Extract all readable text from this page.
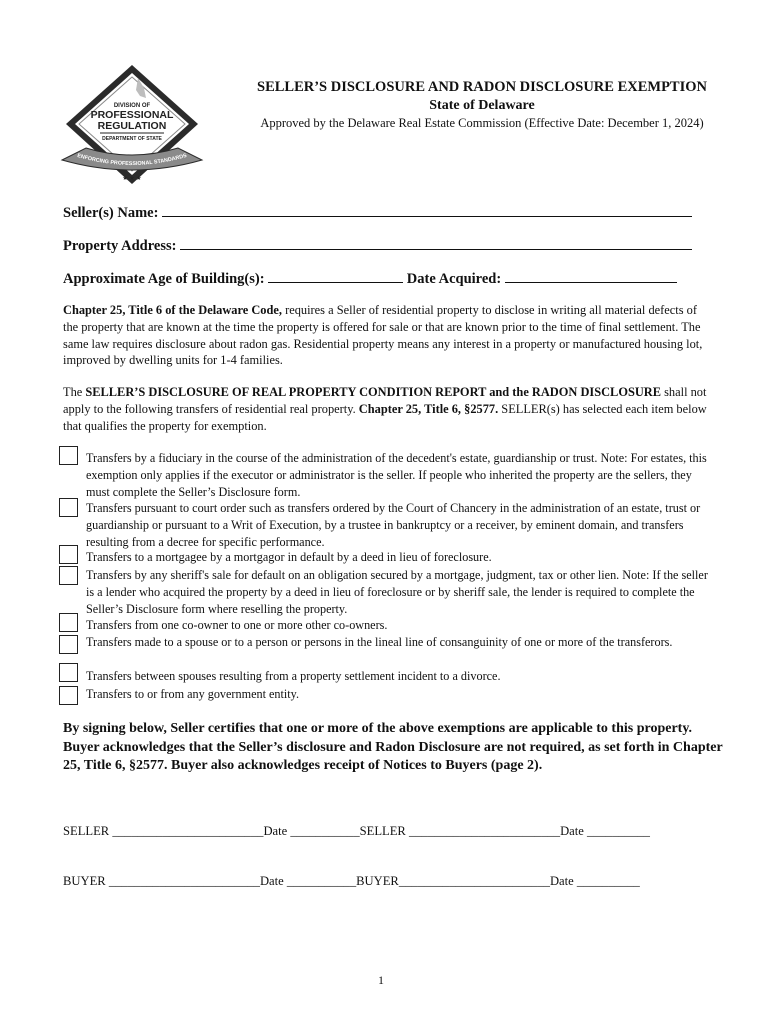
DIVISION OF
PROFESSIONAL
REGULATION
DEPARTMENT OF STATE
ENFORCING PROFESSIONAL STANDARDS
★ ★ ★
SELLER’S DISCLOSURE AND RADON DISCLOSURE EXEMPTION
State of Delaware
Approved by the Delaware Real Estate Commission (Effective Date: December 1, 2024)
Seller(s) Name:
Property Address:
Approximate Age of Building(s):	Date Acquired:
Chapter 25, Title 6 of the Delaware Code, requires a Seller of residential property to disclose in writing all material defects of the property that are known at the time the property is offered for sale or that are known prior to the time of final settlement. The same law requires disclosure about radon gas. Residential property means any interest in a property or manufactured housing lot, improved by dwelling units for 1-4 families.
The SELLER’S DISCLOSURE OF REAL PROPERTY CONDITION REPORT and the RADON DISCLOSURE shall not apply to the following transfers of residential real property. Chapter 25, Title 6, §2577. SELLER(s) has selected each item below that qualifies the property for exemption.
Transfers by a fiduciary in the course of the administration of the decedent's estate, guardianship or trust. Note: For estates, this exemption only applies if the executor or administrator is the seller. If people who inherited the property are the sellers, they must complete the Seller’s Disclosure form.
Transfers pursuant to court order such as transfers ordered by the Court of Chancery in the administration of an estate, trust or guardianship or pursuant to a Writ of Execution, by a trustee in bankruptcy or a receiver, by eminent domain, and transfers resulting from a decree for specific performance.
Transfers to a mortgagee by a mortgagor in default by a deed in lieu of foreclosure.
Transfers by any sheriff's sale for default on an obligation secured by a mortgage, judgment, tax or other lien. Note: If the seller is a lender who acquired the property by a deed in lieu of foreclosure or by sheriff sale, the lender is required to complete the Seller’s Disclosure form where reselling the property.
Transfers from one co-owner to one or more other co-owners.
Transfers made to a spouse or to a person or persons in the lineal line of consanguinity of one or more of the transferors.
Transfers between spouses resulting from a property settlement incident to a divorce.
Transfers to or from any government entity.
By signing below, Seller certifies that one or more of the above exemptions are applicable to this property. Buyer acknowledges that the Seller’s disclosure and Radon Disclosure are not required, as set forth in Chapter 25, Title 6, §2577. Buyer also acknowledges receipt of Notices to Buyers (page 2).
SELLER ________________________Date ___________SELLER ________________________Date __________
BUYER ________________________Date ___________BUYER________________________Date __________
1
